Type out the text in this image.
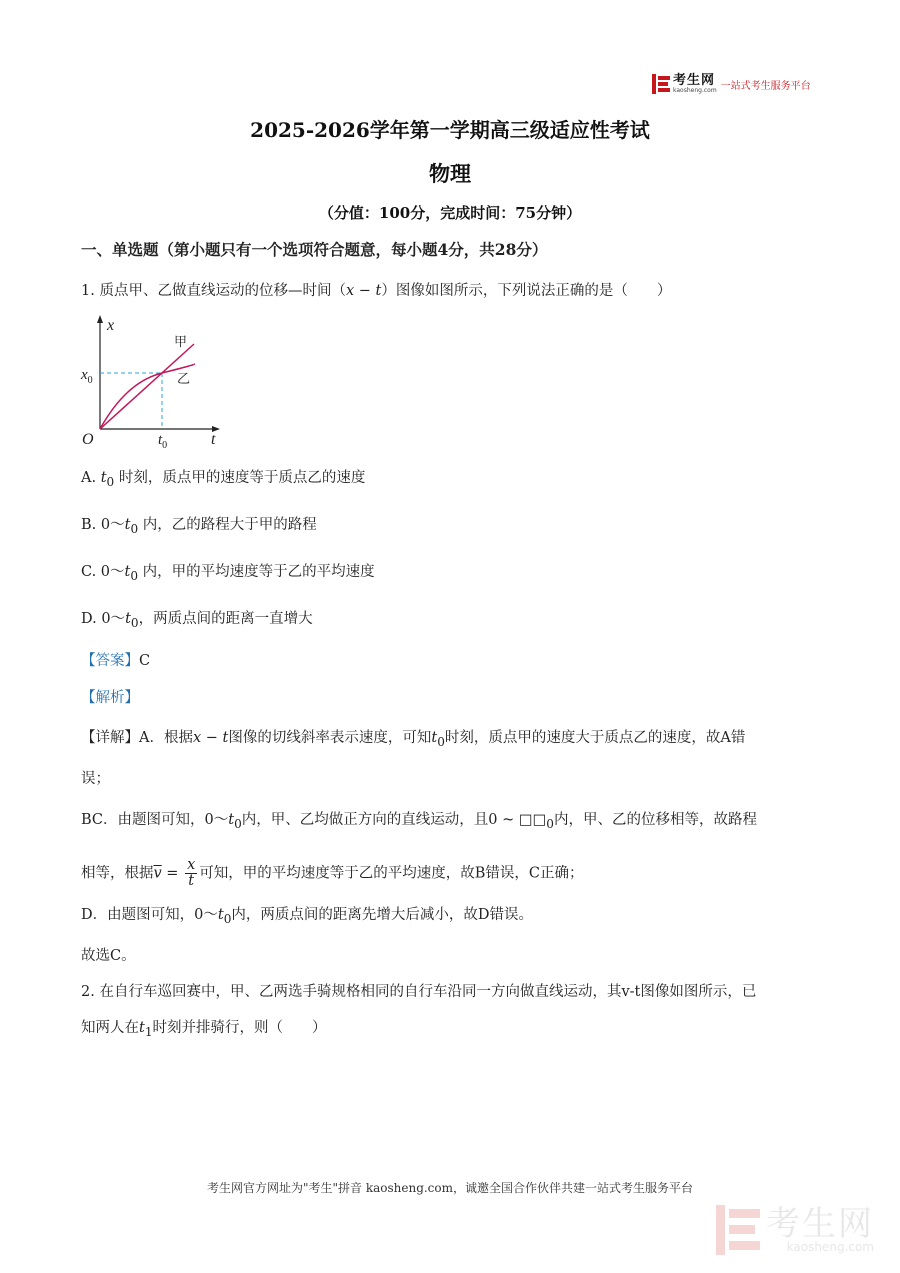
考生网
kaosheng.com 一站式考生服务平台
2025-2026学年第一学期高三级适应性考试
物理
（分值：100分，完成时间：75分钟）
一、单选题（第小题只有一个选项符合题意，每小题4分，共28分）
1. 质点甲、乙做直线运动的位移—时间（x − t）图像如图所示，下列说法正确的是（　　）
x
t
O
$x_0$
$t_0$
甲
乙
A. $t_0$ 时刻，质点甲的速度等于质点乙的速度
B. $0\sim t_0$ 内，乙的路程大于甲的路程
C. $0\sim t_0$ 内，甲的平均速度等于乙的平均速度
D. $0\sim t_0$，两质点间的距离一直增大
【答案】C
【解析】
【详解】A．根据x − t图像的切线斜率表示速度，可知$t_0$时刻，质点甲的速度大于质点乙的速度，故A错
误；
BC．由题图可知，$0\sim t_0$内，甲、乙均做正方向的直线运动，且0 ~ $□□_0$内，甲、乙的位移相等，故路程
相等，根据$\overline{v} = \frac{x}{t}$ 可知，甲的平均速度等于乙的平均速度，故B错误，C正确；
D．由题图可知，$0\sim t_0$内，两质点间的距离先增大后减小，故D错误。
故选C。
2. 在自行车巡回赛中，甲、乙两选手骑规格相同的自行车沿同一方向做直线运动，其v-t图像如图所示，已
知两人在$t_1$时刻并排骑行，则（　　）
考生网官方网址为"考生"拼音 kaosheng.com，诚邀全国合作伙伴共建一站式考生服务平台
考生网
kaosheng.com
